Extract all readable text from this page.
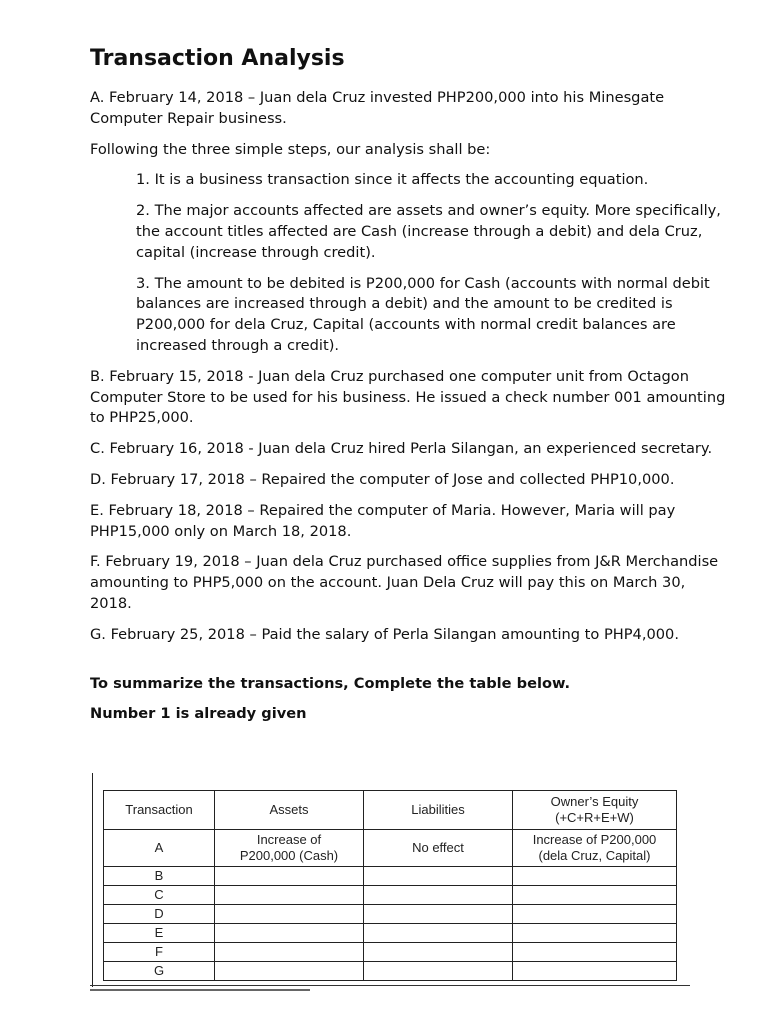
Transaction Analysis

A. February 14, 2018 – Juan dela Cruz invested PHP200,000 into his Minesgate Computer Repair business.

Following the three simple steps, our analysis shall be:

1. It is a business transaction since it affects the accounting equation.

2. The major accounts affected are assets and owner’s equity. More specifically, the account titles affected are Cash (increase through a debit) and dela Cruz, capital (increase through credit).

3. The amount to be debited is P200,000 for Cash (accounts with normal debit balances are increased through a debit) and the amount to be credited is P200,000 for dela Cruz, Capital (accounts with normal credit balances are increased through a credit).

B. February 15, 2018 - Juan dela Cruz purchased one computer unit from Octagon Computer Store to be used for his business. He issued a check number 001 amounting to PHP25,000.

C. February 16, 2018 - Juan dela Cruz hired Perla Silangan, an experienced secretary.

D. February 17, 2018 – Repaired the computer of Jose and collected PHP10,000.

E. February 18, 2018 – Repaired the computer of Maria. However, Maria will pay PHP15,000 only on March 18, 2018.

F. February 19, 2018 – Juan dela Cruz purchased office supplies from J&R Merchandise amounting to PHP5,000 on the account. Juan Dela Cruz will pay this on March 30, 2018.

G. February 25, 2018 – Paid the salary of Perla Silangan amounting to PHP4,000.

To summarize the transactions, Complete the table below.

Number 1 is already given

Transaction	Assets	Liabilities	Owner’s Equity
(+C+R+E+W)
A	Increase of
P200,000 (Cash)	No effect	Increase of P200,000
(dela Cruz, Capital)
B			
C			
D			
E			
F			
G			
